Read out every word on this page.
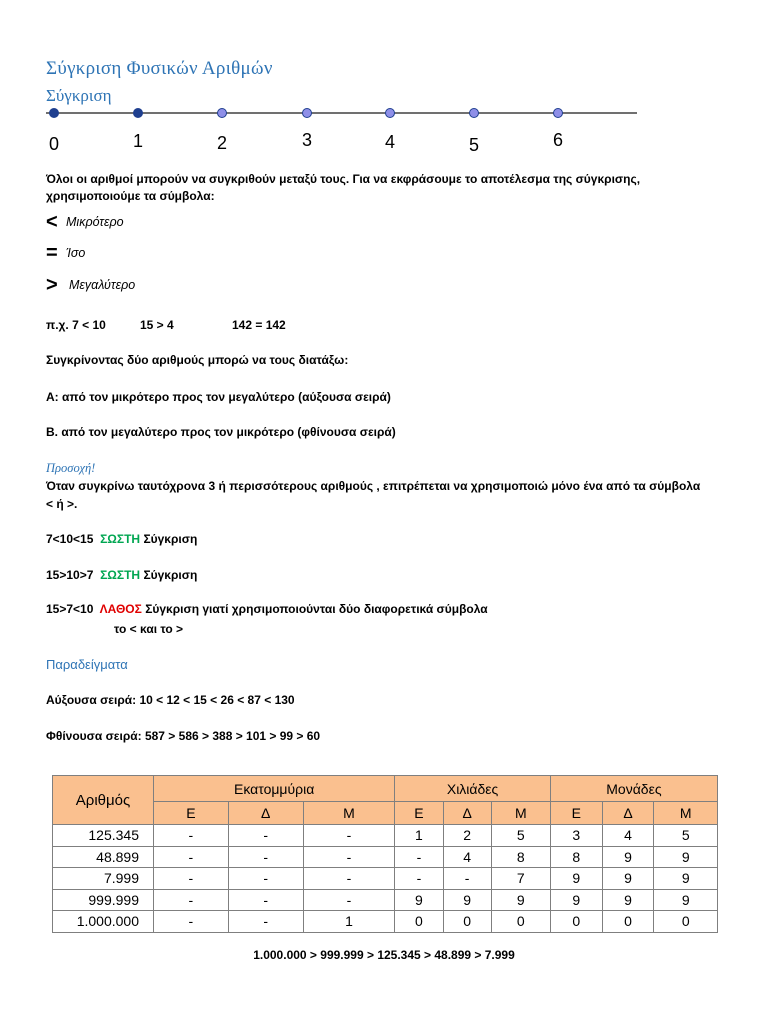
Σύγκριση Φυσικών Αριθμών
Σύγκριση
0	1	2	3	4	5	6
Όλοι οι αριθμοί μπορούν να συγκριθούν μεταξύ τους. Για να εκφράσουμε το αποτέλεσμα της σύγκρισης,
χρησιμοποιούμε τα σύμβολα:
< Μικρότερο
= Ίσο
> Μεγαλύτερο
π.χ. 7 < 10	15 > 4	142 = 142
Συγκρίνοντας δύο αριθμούς μπορώ να τους διατάξω:
Α: από τον μικρότερο προς τον μεγαλύτερο (αύξουσα σειρά)
Β. από τον μεγαλύτερο προς τον μικρότερο (φθίνουσα σειρά)
Προσοχή!
Όταν συγκρίνω ταυτόχρονα 3 ή περισσότερους αριθμούς , επιτρέπεται να χρησιμοποιώ μόνο ένα από τα σύμβολα
< ή >.
7<10<15 ΣΩΣΤΗ Σύγκριση
15>10>7 ΣΩΣΤΗ Σύγκριση
15>7<10 ΛΑΘΟΣ Σύγκριση γιατί χρησιμοποιούνται δύο διαφορετικά σύμβολα
το < και το >
Παραδείγματα
Αύξουσα σειρά: 10 < 12 < 15 < 26 < 87 < 130
Φθίνουσα σειρά: 587 > 586 > 388 > 101 > 99 > 60
Αριθμός	Εκατομμύρια			Χιλιάδες			Μονάδες		
	Ε	Δ	Μ	Ε	Δ	Μ	Ε	Δ	Μ
125.345	-	-	-	1	2	5	3	4	5
48.899	-	-	-	-	4	8	8	9	9
7.999	-	-	-	-	-	7	9	9	9
999.999	-	-	-	9	9	9	9	9	9
1.000.000	-	-	1	0	0	0	0	0	0
1.000.000 > 999.999 > 125.345 > 48.899 > 7.999
